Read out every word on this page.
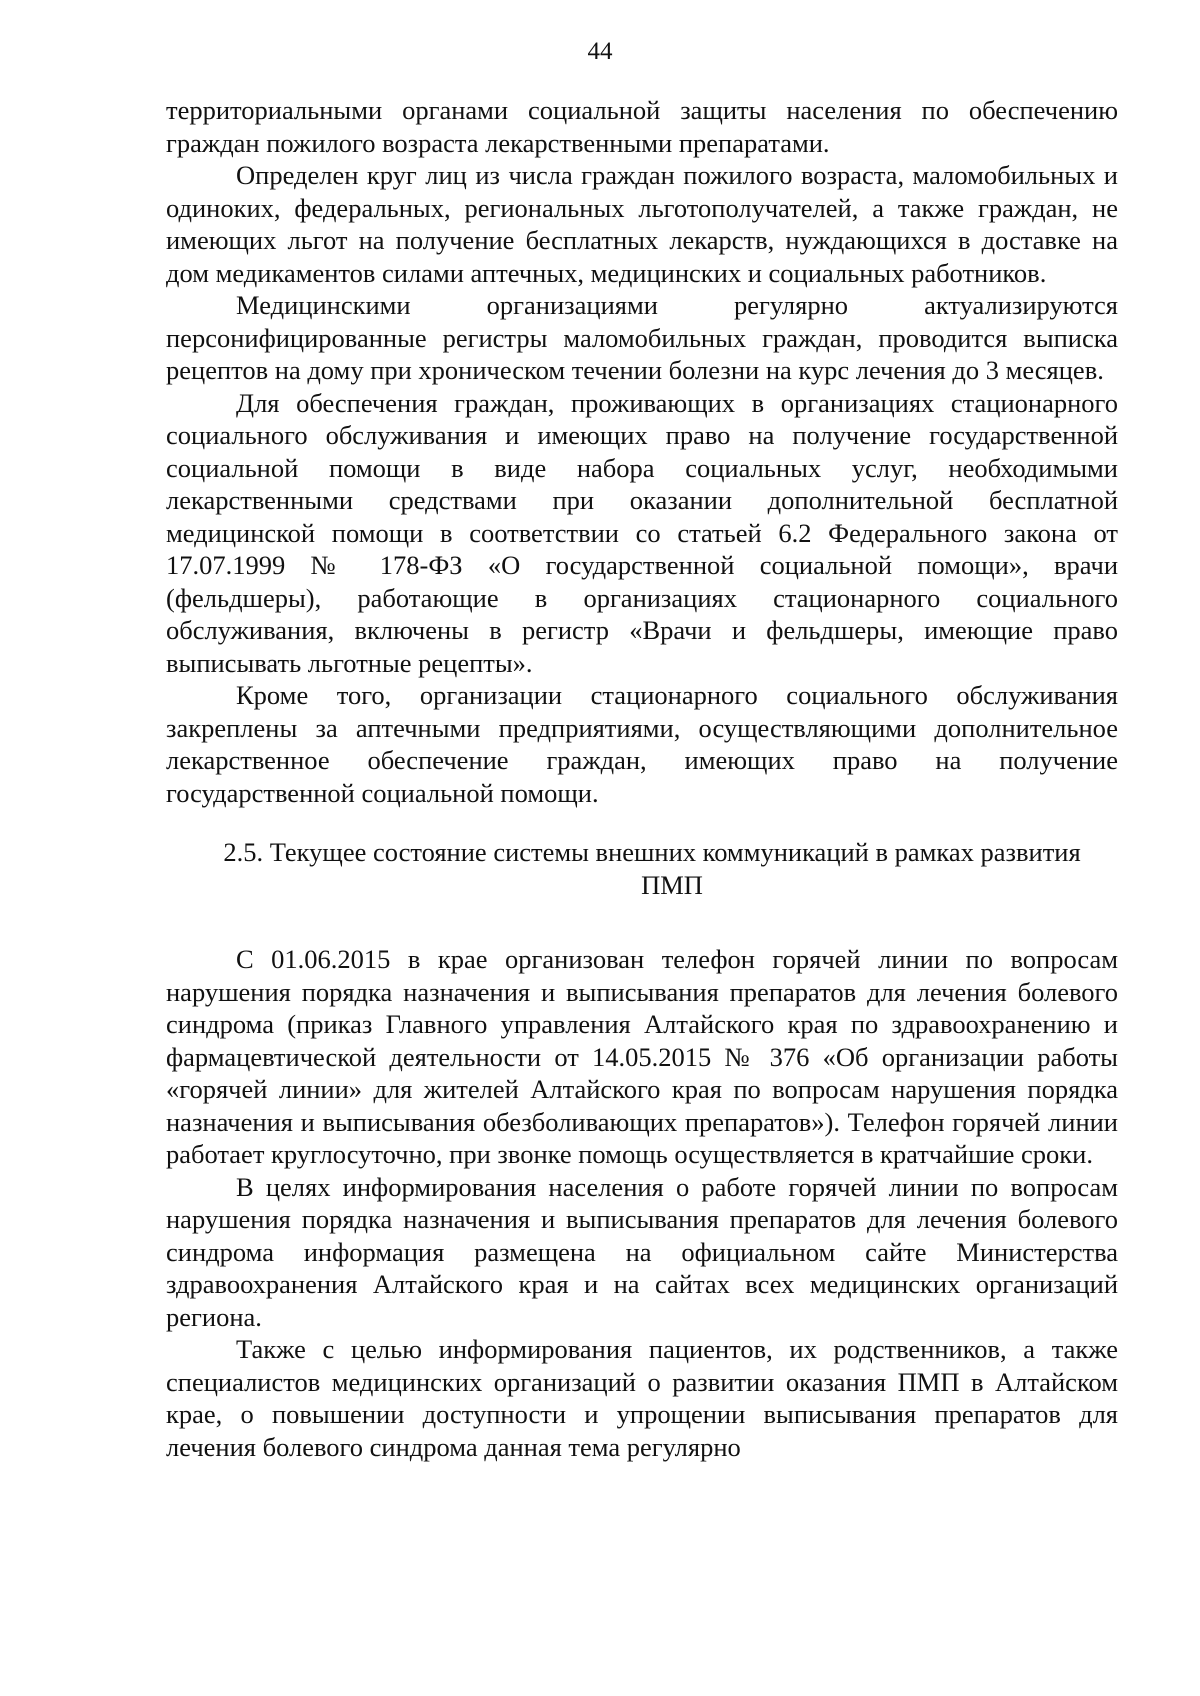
44

территориальными органами социальной защиты населения по обеспечению граждан пожилого возраста лекарственными препаратами.

Определен круг лиц из числа граждан пожилого возраста, маломобильных и одиноких, федеральных, региональных льготополучателей, а также граждан, не имеющих льгот на получение бесплатных лекарств, нуждающихся в доставке на дом медикаментов силами аптечных, медицинских и социальных работников.

Медицинскими организациями регулярно актуализируются персонифицированные регистры маломобильных граждан, проводится выписка рецептов на дому при хроническом течении болезни на курс лечения до 3 месяцев.

Для обеспечения граждан, проживающих в организациях стационарного социального обслуживания и имеющих право на получение государственной социальной помощи в виде набора социальных услуг, необходимыми лекарственными средствами при оказании дополнительной бесплатной медицинской помощи в соответствии со статьей 6.2 Федерального закона от 17.07.1999 № 178-ФЗ «О государственной социальной помощи», врачи (фельдшеры), работающие в организациях стационарного социального обслуживания, включены в регистр «Врачи и фельдшеры, имеющие право выписывать льготные рецепты».

Кроме того, организации стационарного социального обслуживания закреплены за аптечными предприятиями, осуществляющими дополнительное лекарственное обеспечение граждан, имеющих право на получение государственной социальной помощи.

2.5. Текущее состояние системы внешних коммуникаций в рамках развития

ПМП

С 01.06.2015 в крае организован телефон горячей линии по вопросам нарушения порядка назначения и выписывания препаратов для лечения болевого синдрома (приказ Главного управления Алтайского края по здравоохранению и фармацевтической деятельности от 14.05.2015 № 376 «Об организации работы «горячей линии» для жителей Алтайского края по вопросам нарушения порядка назначения и выписывания обезболивающих препаратов»). Телефон горячей линии работает круглосуточно, при звонке помощь осуществляется в кратчайшие сроки.

В целях информирования населения о работе горячей линии по вопросам нарушения порядка назначения и выписывания препаратов для лечения болевого синдрома информация размещена на официальном сайте Министерства здравоохранения Алтайского края и на сайтах всех медицинских организаций региона.

Также с целью информирования пациентов, их родственников, а также специалистов медицинских организаций о развитии оказания ПМП в Алтайском крае, о повышении доступности и упрощении выписывания препаратов для лечения болевого синдрома данная тема регулярно
